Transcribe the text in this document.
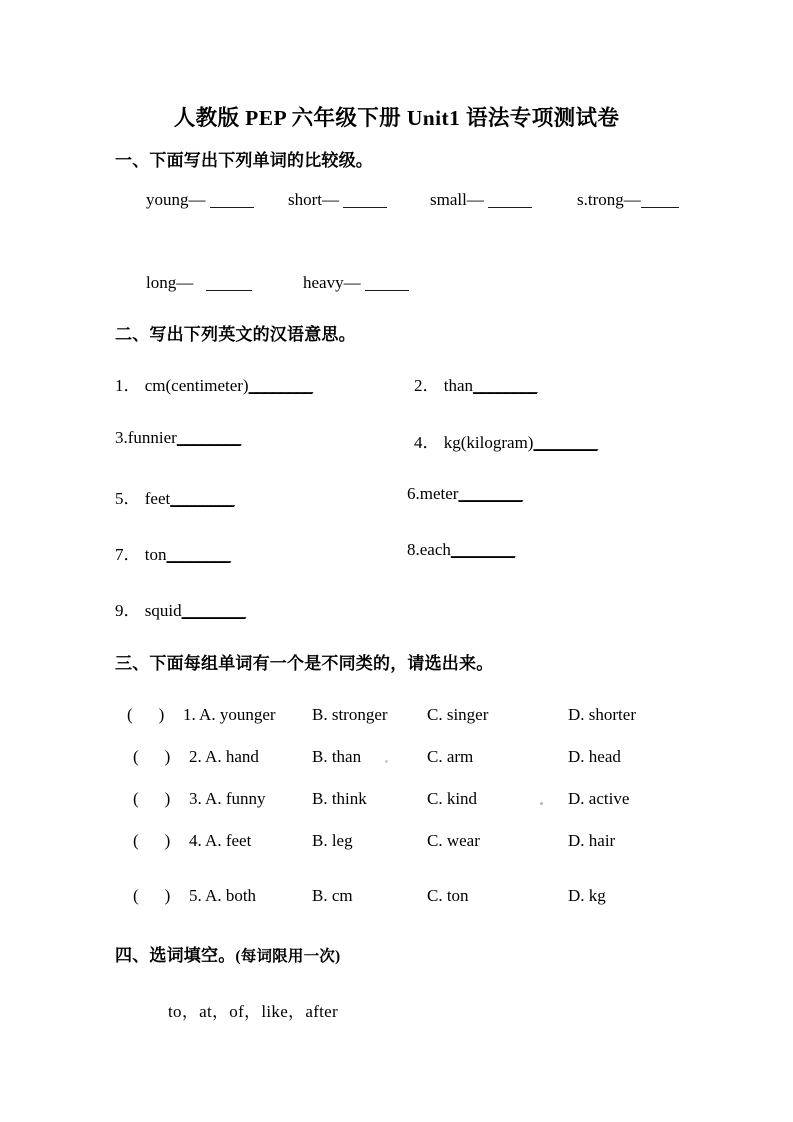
人教版 PEP 六年级下册 Unit1 语法专项测试卷
一、下面写出下列单词的比较级。
young—	short—	small—	s.trong—
long—	heavy—
二、写出下列英文的汉语意思。
1． cm(centimeter)________	2． than________
3.funnier________	4． kg(kilogram)________
5． feet________	6.meter________
7． ton________	8.each________
9． squid________
三、下面每组单词有一个是不同类的，请选出来。
( ) 1. A. younger B. stronger C. singer	D. shorter
( ) 2. A. hand	B. than	C. arm	D. head
( ) 3. A. funny	B. think	C. kind	D. active
( ) 4. A. feet	B. leg	C. wear	D. hair
( ) 5. A. both	B. cm	C. ton	D. kg
四、选词填空。(每词限用一次)
to，at，of，like，after
